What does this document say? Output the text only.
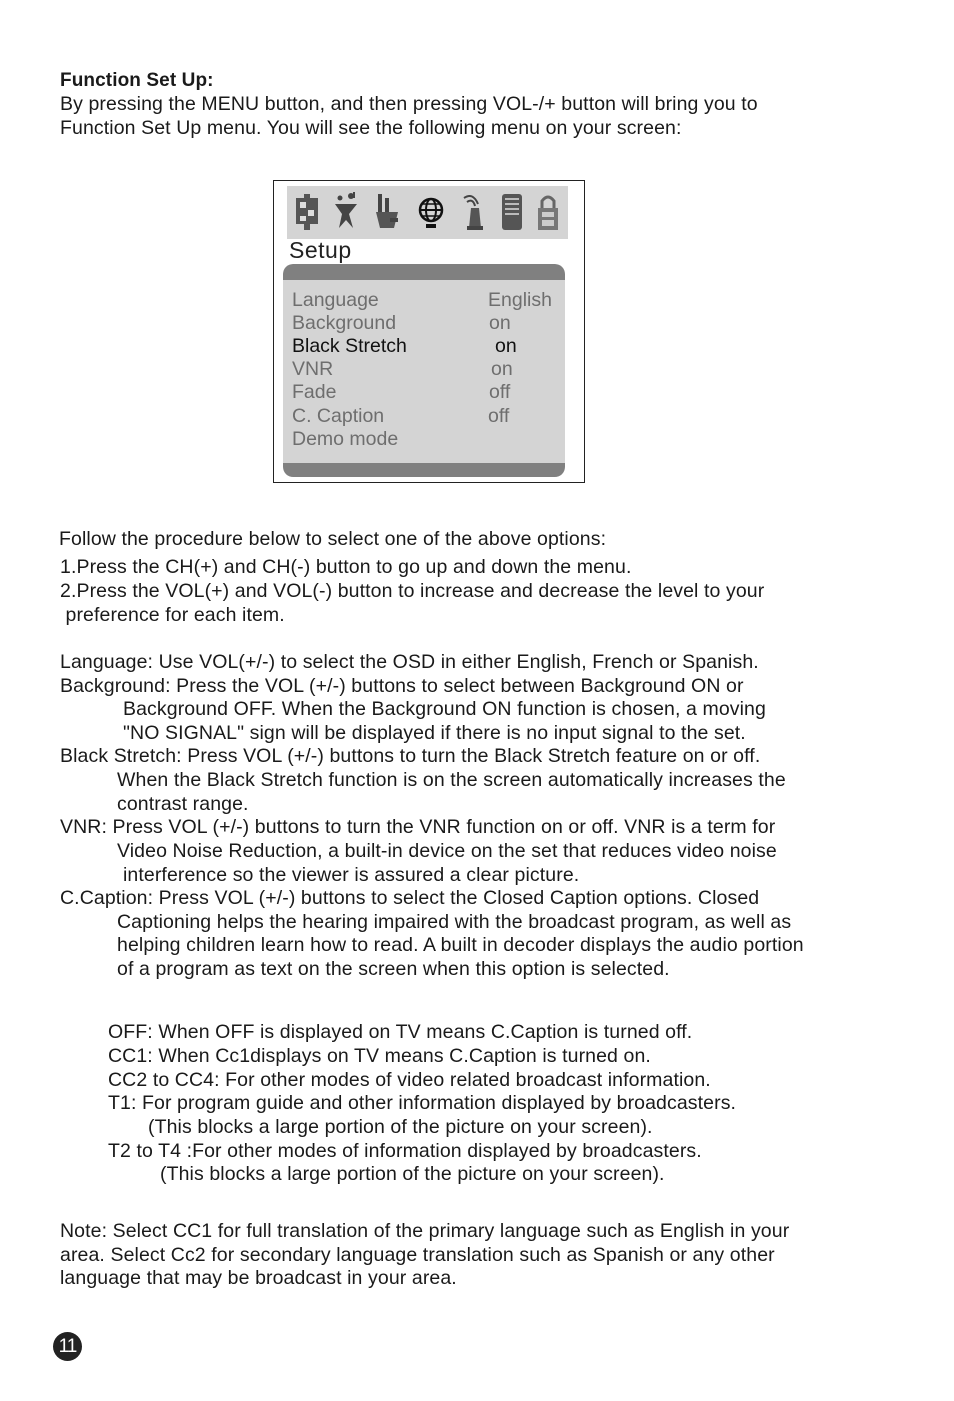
Function Set Up:
By pressing the MENU button, and then pressing VOL-/+ button will bring you to
Function Set Up menu. You will see the following menu on your screen:
Setup
Language	English
Background	on
Black Stretch	on
VNR	on
Fade	off
C. Caption	off
Demo mode
Follow the procedure below to select one of the above options:
1.Press the CH(+) and CH(-) button to go up and down the menu.
2.Press the VOL(+) and VOL(-) button to increase and decrease the level to your
preference for each item.
Language: Use VOL(+/-) to select the OSD in either English, French or Spanish.
Background: Press the VOL (+/-) buttons to select between Background ON or
Background OFF. When the Background ON function is chosen, a moving
"NO SIGNAL" sign will be displayed if there is no input signal to the set.
Black Stretch: Press VOL (+/-) buttons to turn the Black Stretch feature on or off.
When the Black Stretch function is on the screen automatically increases the
contrast range.
VNR: Press VOL (+/-) buttons to turn the VNR function on or off. VNR is a term for
Video Noise Reduction, a built-in device on the set that reduces video noise
interference so the viewer is assured a clear picture.
C.Caption: Press VOL (+/-) buttons to select the Closed Caption options. Closed
Captioning helps the hearing impaired with the broadcast program, as well as
helping children learn how to read. A built in decoder displays the audio portion
of a program as text on the screen when this option is selected.
OFF: When OFF is displayed on TV means C.Caption is turned off.
CC1: When Cc1displays on TV means C.Caption is turned on.
CC2 to CC4: For other modes of video related broadcast information.
T1: For program guide and other information displayed by broadcasters.
(This blocks a large portion of the picture on your screen).
T2 to T4 :For other modes of information displayed by broadcasters.
(This blocks a large portion of the picture on your screen).
Note: Select CC1 for full translation of the primary language such as English in your
area. Select Cc2 for secondary language translation such as Spanish or any other
language that may be broadcast in your area.
11
